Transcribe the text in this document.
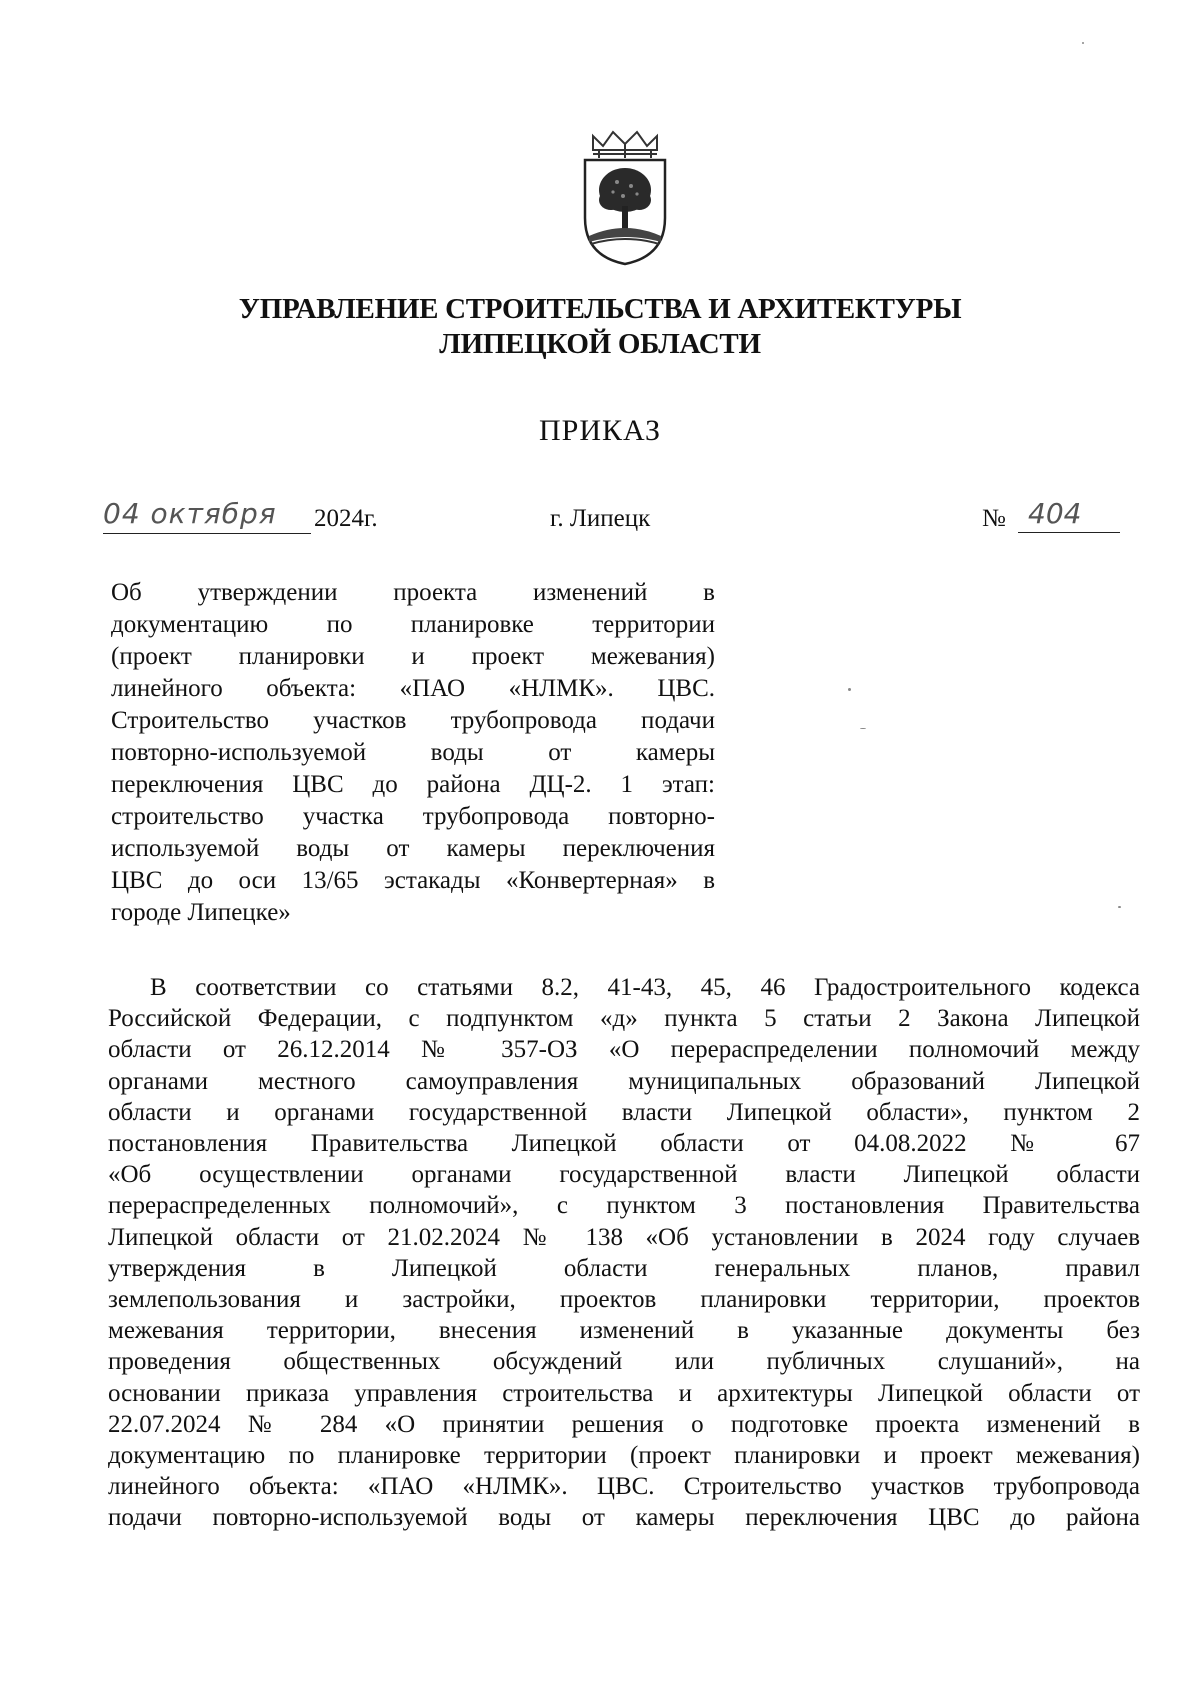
УПРАВЛЕНИЕ СТРОИТЕЛЬСТВА И АРХИТЕКТУРЫ
ЛИПЕЦКОЙ ОБЛАСТИ
ПРИКАЗ
04 октября	2024г.	г. Липецк	№ 404
Об утверждении проекта изменений в
документацию по планировке территории
(проект планировки и проект межевания)
линейного объекта: «ПАО «НЛМК». ЦВС.
Строительство участков трубопровода подачи
повторно-используемой воды от камеры
переключения ЦВС до района ДЦ-2. 1 этап:
строительство участка трубопровода повторно-
используемой воды от камеры переключения
ЦВС до оси 13/65 эстакады «Конвертерная» в
городе Липецке»
В соответствии со статьями 8.2, 41-43, 45, 46 Градостроительного кодекса
Российской Федерации, с подпунктом «д» пункта 5 статьи 2 Закона Липецкой
области от 26.12.2014 № 357-ОЗ «О перераспределении полномочий между
органами местного самоуправления муниципальных образований Липецкой
области и органами государственной власти Липецкой области», пунктом 2
постановления Правительства Липецкой области от 04.08.2022 № 67
«Об осуществлении органами государственной власти Липецкой области
перераспределенных полномочий», с пунктом 3 постановления Правительства
Липецкой области от 21.02.2024 № 138 «Об установлении в 2024 году случаев
утверждения в Липецкой области генеральных планов, правил
землепользования и застройки, проектов планировки территории, проектов
межевания территории, внесения изменений в указанные документы без
проведения общественных обсуждений или публичных слушаний», на
основании приказа управления строительства и архитектуры Липецкой области от
22.07.2024 № 284 «О принятии решения о подготовке проекта изменений в
документацию по планировке территории (проект планировки и проект межевания)
линейного объекта: «ПАО «НЛМК». ЦВС. Строительство участков трубопровода
подачи повторно-используемой воды от камеры переключения ЦВС до района
